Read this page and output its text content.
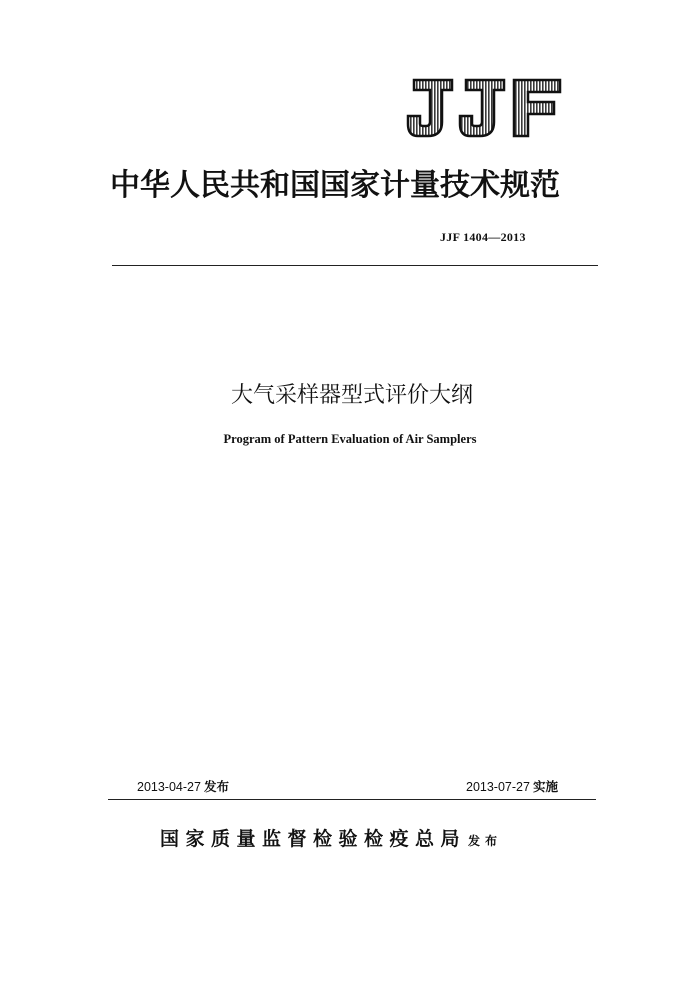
中华人民共和国国家计量技术规范
JJF 1404—2013
大气采样器型式评价大纲
Program of Pattern Evaluation of Air Samplers
2013-04-27 发布	2013-07-27 实施
国家质量监督检验检疫总局 发布
